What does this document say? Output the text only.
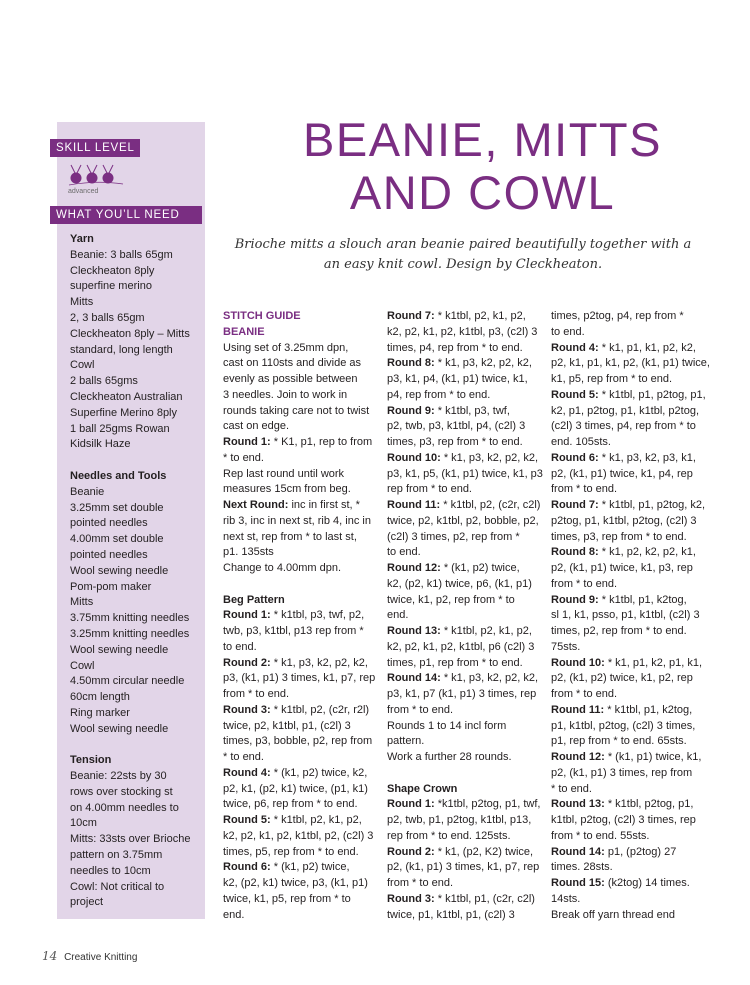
SKILL LEVEL
advanced
WHAT YOU’LL NEED
Yarn
Beanie: 3 balls 65gm
Cleckheaton 8ply
superfine merino
Mitts
2, 3 balls 65gm
Cleckheaton 8ply – Mitts
standard, long length
Cowl
2 balls 65gms
Cleckheaton Australian
Superfine Merino 8ply
1 ball 25gms Rowan
Kidsilk Haze
Needles and Tools
Beanie
3.25mm set double
pointed needles
4.00mm set double
pointed needles
Wool sewing needle
Pom-pom maker
Mitts
3.75mm knitting needles
3.25mm knitting needles
Wool sewing needle
Cowl
4.50mm circular needle
60cm length
Ring marker
Wool sewing needle
Tension
Beanie: 22sts by 30
rows over stocking st
on 4.00mm needles to
10cm
Mitts: 33sts over Brioche
pattern on 3.75mm
needles to 10cm
Cowl: Not critical to
project
BEANIE, MITTS
AND COWL
Brioche mitts a slouch aran beanie paired beautifully together with a
an easy knit cowl. Design by Cleckheaton.
STITCH GUIDE
BEANIE
Using set of 3.25mm dpn,
cast on 110sts and divide as
evenly as possible between
3 needles. Join to work in
rounds taking care not to twist
cast on edge.
Round 1: * K1, p1, rep to from
* to end.
Rep last round until work
measures 15cm from beg.
Next Round: inc in first st, *
rib 3, inc in next st, rib 4, inc in
next st, rep from * to last st,
p1. 135sts
Change to 4.00mm dpn.
Beg Pattern
Round 1: * k1tbl, p3, twf, p2,
twb, p3, k1tbl, p13 rep from *
to end.
Round 2: * k1, p3, k2, p2, k2,
p3, (k1, p1) 3 times, k1, p7, rep
from * to end.
Round 3: * k1tbl, p2, (c2r, r2l)
twice, p2, k1tbl, p1, (c2l) 3
times, p3, bobble, p2, rep from
* to end.
Round 4: * (k1, p2) twice, k2,
p2, k1, (p2, k1) twice, (p1, k1)
twice, p6, rep from * to end.
Round 5: * k1tbl, p2, k1, p2,
k2, p2, k1, p2, k1tbl, p2, (c2l) 3
times, p5, rep from * to end.
Round 6: * (k1, p2) twice,
k2, (p2, k1) twice, p3, (k1, p1)
twice, k1, p5, rep from * to
end.
Round 7: * k1tbl, p2, k1, p2,
k2, p2, k1, p2, k1tbl, p3, (c2l) 3
times, p4, rep from * to end.
Round 8: * k1, p3, k2, p2, k2,
p3, k1, p4, (k1, p1) twice, k1,
p4, rep from * to end.
Round 9: * k1tbl, p3, twf,
p2, twb, p3, k1tbl, p4, (c2l) 3
times, p3, rep from * to end.
Round 10: * k1, p3, k2, p2, k2,
p3, k1, p5, (k1, p1) twice, k1, p3
rep from * to end.
Round 11: * k1tbl, p2, (c2r, c2l)
twice, p2, k1tbl, p2, bobble, p2,
(c2l) 3 times, p2, rep from *
to end.
Round 12: * (k1, p2) twice,
k2, (p2, k1) twice, p6, (k1, p1)
twice, k1, p2, rep from * to
end.
Round 13: * k1tbl, p2, k1, p2,
k2, p2, k1, p2, k1tbl, p6 (c2l) 3
times, p1, rep from * to end.
Round 14: * k1, p3, k2, p2, k2,
p3, k1, p7 (k1, p1) 3 times, rep
from * to end.
Rounds 1 to 14 incl form
pattern.
Work a further 28 rounds.
Shape Crown
Round 1: *k1tbl, p2tog, p1, twf,
p2, twb, p1, p2tog, k1tbl, p13,
rep from * to end. 125sts.
Round 2: * k1, (p2, K2) twice,
p2, (k1, p1) 3 times, k1, p7, rep
from * to end.
Round 3: * k1tbl, p1, (c2r, c2l)
twice, p1, k1tbl, p1, (c2l) 3
times, p2tog, p4, rep from *
to end.
Round 4: * k1, p1, k1, p2, k2,
p2, k1, p1, k1, p2, (k1, p1) twice,
k1, p5, rep from * to end.
Round 5: * k1tbl, p1, p2tog, p1,
k2, p1, p2tog, p1, k1tbl, p2tog,
(c2l) 3 times, p4, rep from * to
end. 105sts.
Round 6: * k1, p3, k2, p3, k1,
p2, (k1, p1) twice, k1, p4, rep
from * to end.
Round 7: * k1tbl, p1, p2tog, k2,
p2tog, p1, k1tbl, p2tog, (c2l) 3
times, p3, rep from * to end.
Round 8: * k1, p2, k2, p2, k1,
p2, (k1, p1) twice, k1, p3, rep
from * to end.
Round 9: * k1tbl, p1, k2tog,
sl 1, k1, psso, p1, k1tbl, (c2l) 3
times, p2, rep from * to end.
75sts.
Round 10: * k1, p1, k2, p1, k1,
p2, (k1, p2) twice, k1, p2, rep
from * to end.
Round 11: * k1tbl, p1, k2tog,
p1, k1tbl, p2tog, (c2l) 3 times,
p1, rep from * to end. 65sts.
Round 12: * (k1, p1) twice, k1,
p2, (k1, p1) 3 times, rep from
* to end.
Round 13: * k1tbl, p2tog, p1,
k1tbl, p2tog, (c2l) 3 times, rep
from * to end. 55sts.
Round 14: p1, (p2tog) 27
times. 28sts.
Round 15: (k2tog) 14 times.
14sts.
Break off yarn thread end
14 Creative Knitting
